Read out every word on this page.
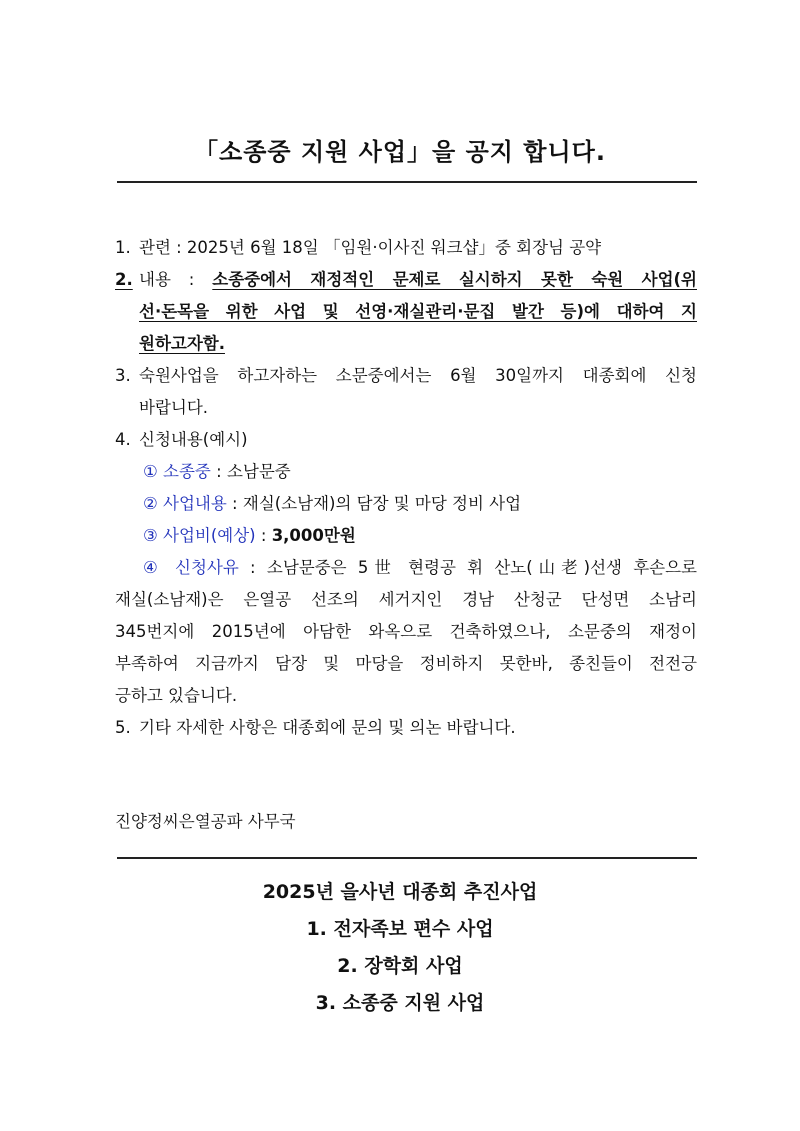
「소종중 지원 사업」을 공지 합니다.
1. 관련 : 2025년 6월 18일 「임원·이사진 워크샵」중 회장님 공약
2. 내용 : 소종중에서 재정적인 문제로 실시하지 못한 숙원 사업(위
선·돈목을 위한 사업 및 선영·재실관리·문집 발간 등)에 대하여 지
원하고자함.
3. 숙원사업을 하고자하는 소문중에서는 6월 30일까지 대종회에 신청
바랍니다.
4. 신청내용(예시)
① 소종중 : 소남문중
② 사업내용 : 재실(소남재)의 담장 및 마당 정비 사업
③ 사업비(예상) : 3,000만원
④ 신청사유 : 소남문중은 5世 현령공 휘 산노(山老)선생 후손으로
재실(소남재)은 은열공 선조의 세거지인 경남 산청군 단성면 소남리
345번지에 2015년에 아담한 와옥으로 건축하였으나, 소문중의 재정이
부족하여 지금까지 담장 및 마당을 정비하지 못한바, 종친들이 전전긍
긍하고 있습니다.
5. 기타 자세한 사항은 대종회에 문의 및 의논 바랍니다.
진양정씨은열공파 사무국
2025년 을사년 대종회 추진사업
1. 전자족보 편수 사업
2. 장학회 사업
3. 소종중 지원 사업
